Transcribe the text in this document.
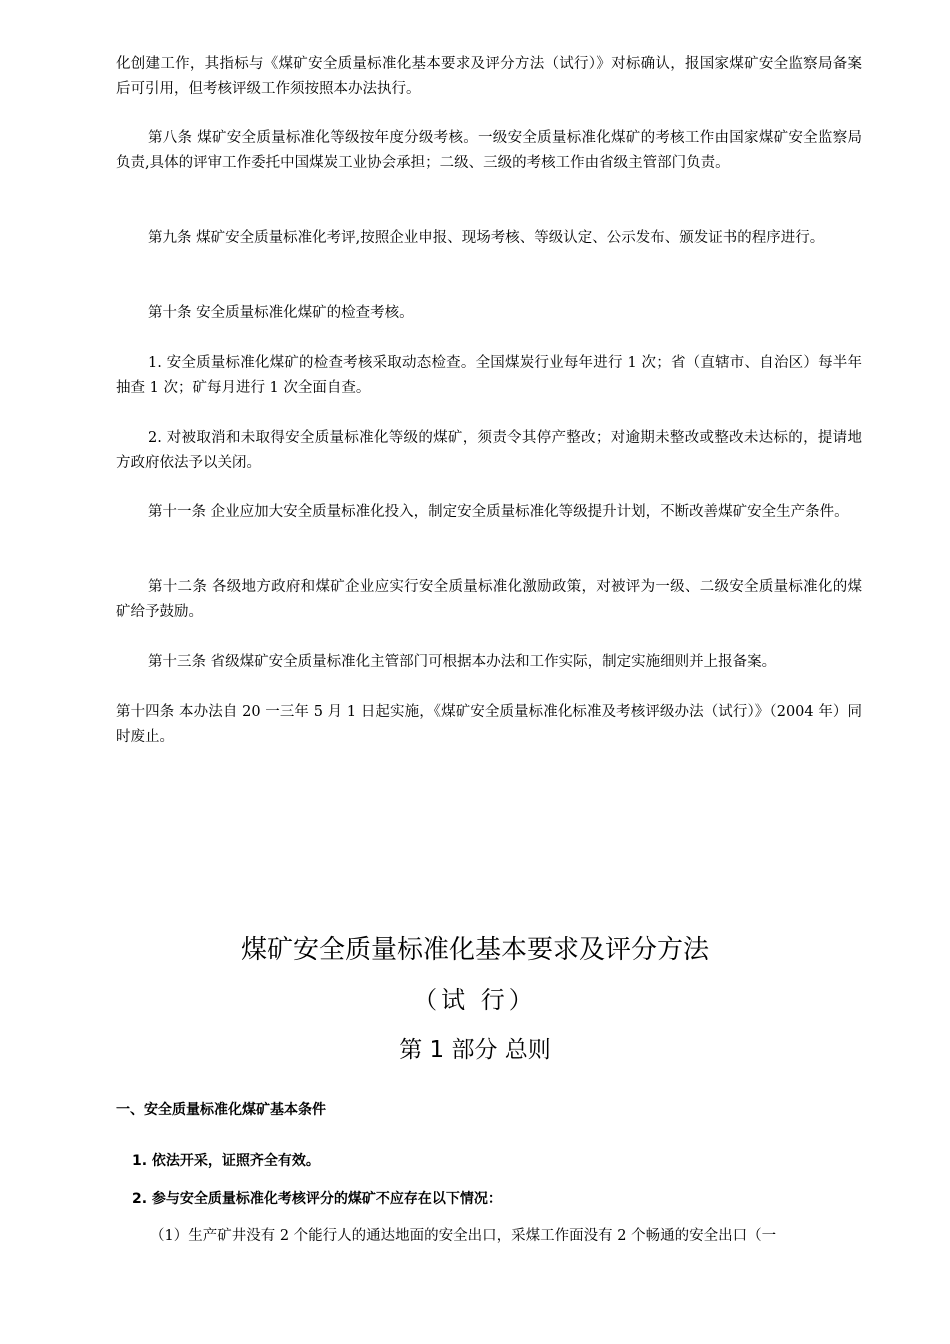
化创建工作，其指标与《煤矿安全质量标准化基本要求及评分方法（试行）》对标确认，报国家煤矿安全监察局备案后可引用，但考核评级工作须按照本办法执行。
第八条 煤矿安全质量标准化等级按年度分级考核。一级安全质量标准化煤矿的考核工作由国家煤矿安全监察局负责,具体的评审工作委托中国煤炭工业协会承担；二级、三级的考核工作由省级主管部门负责。
第九条 煤矿安全质量标准化考评,按照企业申报、现场考核、等级认定、公示发布、颁发证书的程序进行。
第十条 安全质量标准化煤矿的检查考核。
1. 安全质量标准化煤矿的检查考核采取动态检查。全国煤炭行业每年进行 1 次；省（直辖市、自治区）每半年抽查 1 次；矿每月进行 1 次全面自查。
2. 对被取消和未取得安全质量标准化等级的煤矿，须责令其停产整改；对逾期未整改或整改未达标的，提请地方政府依法予以关闭。
第十一条 企业应加大安全质量标准化投入，制定安全质量标准化等级提升计划，不断改善煤矿安全生产条件。
第十二条 各级地方政府和煤矿企业应实行安全质量标准化激励政策，对被评为一级、二级安全质量标准化的煤矿给予鼓励。
第十三条 省级煤矿安全质量标准化主管部门可根据本办法和工作实际，制定实施细则并上报备案。
第十四条 本办法自 20 一三年 5 月 1 日起实施，《煤矿安全质量标准化标准及考核评级办法（试行）》（2004 年）同时废止。
煤矿安全质量标准化基本要求及评分方法
（试 行）
第 1 部分 总则
一、安全质量标准化煤矿基本条件
1. 依法开采，证照齐全有效。
2. 参与安全质量标准化考核评分的煤矿不应存在以下情况：
（1）生产矿井没有 2 个能行人的通达地面的安全出口，采煤工作面没有 2 个畅通的安全出口（一
